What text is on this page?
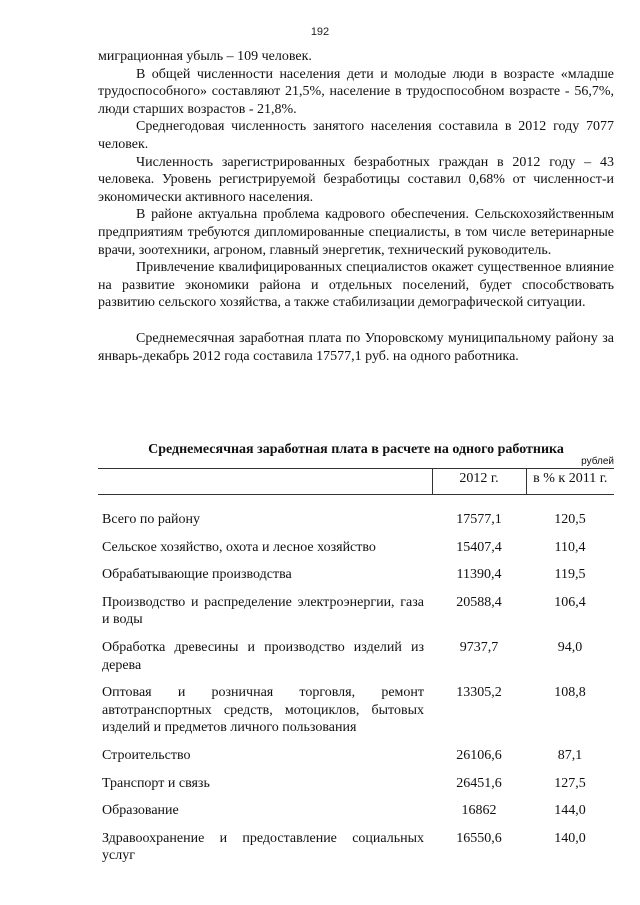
192

миграционная убыль – 109 человек.

В общей численности населения дети и молодые люди в возрасте «младше трудоспособного» составляют 21,5%, население в трудоспособном возрасте - 56,7%, люди старших возрастов - 21,8%.

Среднегодовая численность занятого населения составила в 2012 году 7077 человек.

Численность зарегистрированных безработных граждан в 2012 году – 43 человека. Уровень регистрируемой безработицы составил 0,68% от численност-и экономически активного населения.

В районе актуальна проблема кадрового обеспечения. Сельскохозяйственным предприятиям требуются дипломированные специалисты, в том числе ветеринарные врачи, зоотехники, агроном, главный энергетик, технический руководитель.

Привлечение квалифицированных специалистов окажет существенное влияние на развитие экономики района и отдельных поселений, будет способствовать развитию сельского хозяйства, а также стабилизации демографической ситуации.

Среднемесячная заработная плата по Упоровскому муниципальному району за январь-декабрь 2012 года составила 17577,1 руб. на одного работника.

Среднемесячная заработная плата в расчете на одного работника
рублей
	2012 г.	в % к 2011 г.

Всего по району	17577,1	120,5
Сельское хозяйство, охота и лесное хозяйство	15407,4	110,4
Обрабатывающие производства	11390,4	119,5
Производство и распределение электроэнергии, газа и воды	20588,4	106,4
Обработка древесины и производство изделий из дерева	9737,7	94,0
Оптовая и розничная торговля, ремонт автотранспортных средств, мотоциклов, бытовых изделий и предметов личного пользования	13305,2	108,8
Строительство	26106,6	87,1
Транспорт и связь	26451,6	127,5
Образование	16862	144,0
Здравоохранение и предоставление социальных услуг	16550,6	140,0
